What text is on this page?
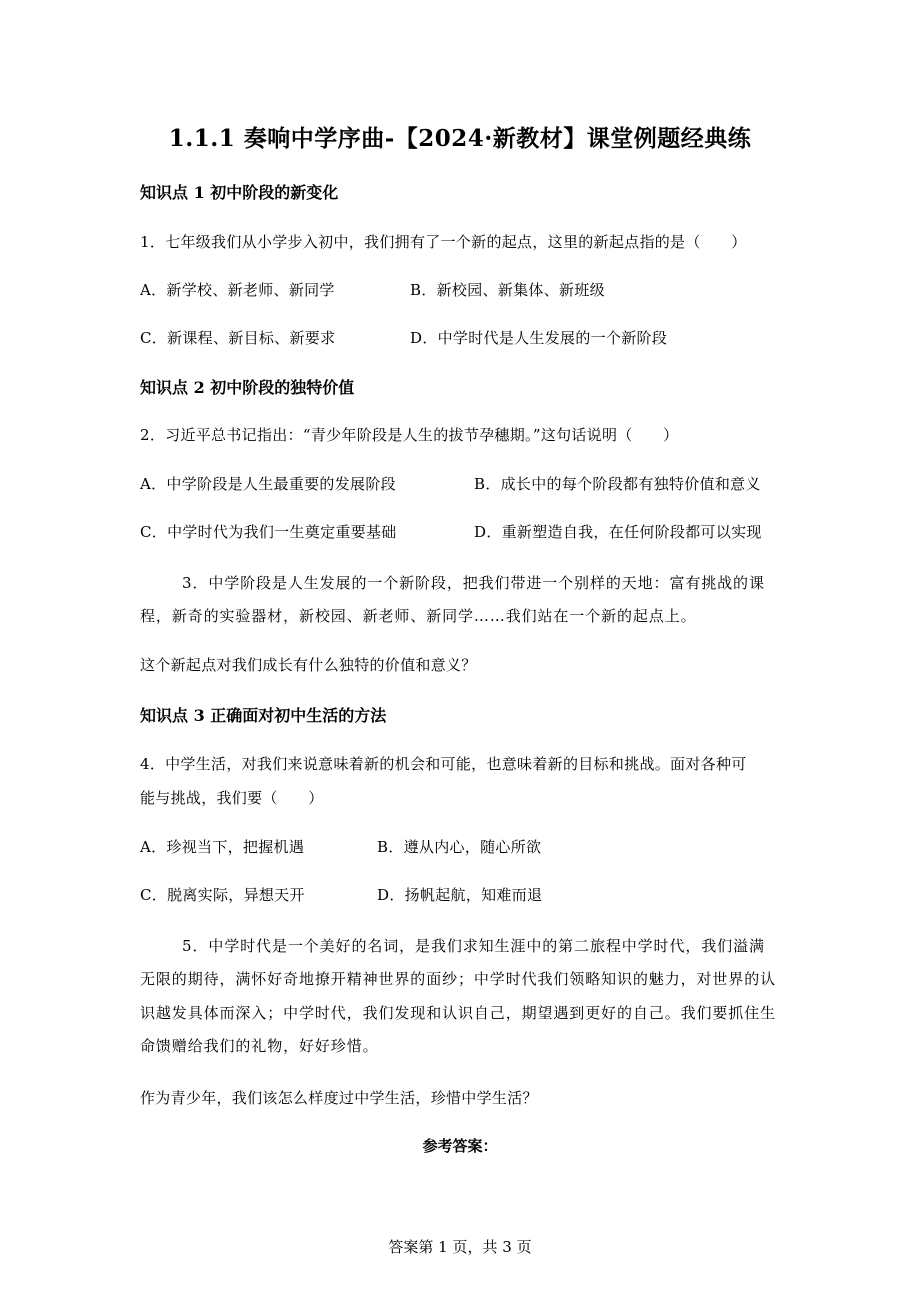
1.1.1 奏响中学序曲-【2024·新教材】课堂例题经典练
知识点 1 初中阶段的新变化
1．七年级我们从小学步入初中，我们拥有了一个新的起点，这里的新起点指的是（　　）
A．新学校、新老师、新同学	B．新校园、新集体、新班级
C．新课程、新目标、新要求	D．中学时代是人生发展的一个新阶段
知识点 2 初中阶段的独特价值
2．习近平总书记指出：“青少年阶段是人生的拔节孕穗期。”这句话说明（　　）
A．中学阶段是人生最重要的发展阶段	B．成长中的每个阶段都有独特价值和意义
C．中学时代为我们一生奠定重要基础	D．重新塑造自我，在任何阶段都可以实现
3．中学阶段是人生发展的一个新阶段，把我们带进一个别样的天地：富有挑战的课
程，新奇的实验器材，新校园、新老师、新同学……我们站在一个新的起点上。
这个新起点对我们成长有什么独特的价值和意义？
知识点 3 正确面对初中生活的方法
4．中学生活，对我们来说意味着新的机会和可能，也意味着新的目标和挑战。面对各种可
能与挑战，我们要（　　）
A．珍视当下，把握机遇	B．遵从内心，随心所欲
C．脱离实际，异想天开	D．扬帆起航，知难而退
5．中学时代是一个美好的名词，是我们求知生涯中的第二旅程中学时代，我们溢满
无限的期待，满怀好奇地撩开精神世界的面纱；中学时代我们领略知识的魅力，对世界的认
识越发具体而深入；中学时代，我们发现和认识自己，期望遇到更好的自己。我们要抓住生
命馈赠给我们的礼物，好好珍惜。
作为青少年，我们该怎么样度过中学生活，珍惜中学生活？
参考答案：
答案第 1 页，共 3 页
